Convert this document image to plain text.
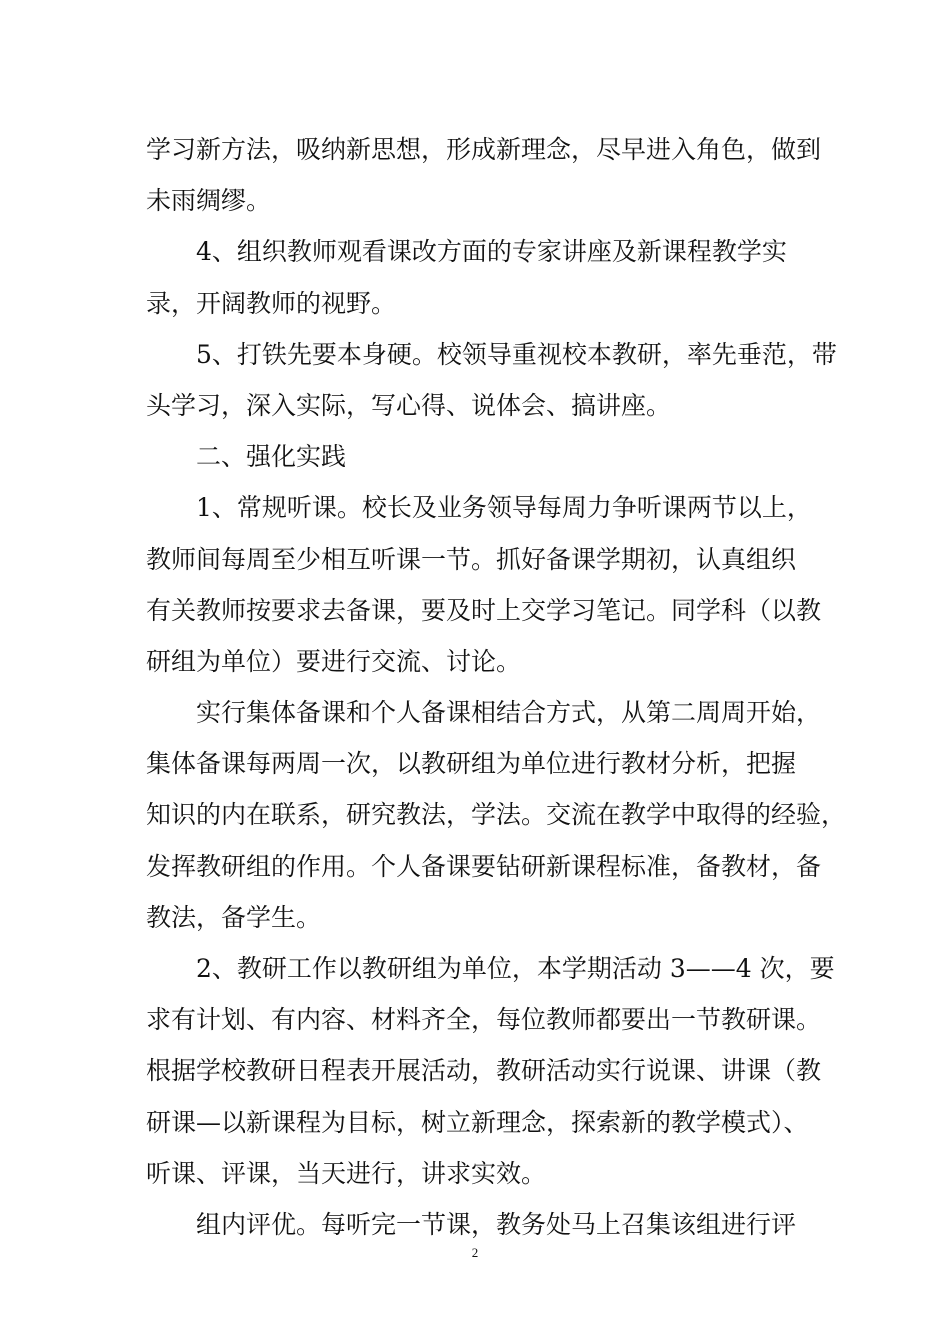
学习新方法，吸纳新思想，形成新理念，尽早进入角色，做到
未雨绸缪。
4、组织教师观看课改方面的专家讲座及新课程教学实
录，开阔教师的视野。
5、打铁先要本身硬。校领导重视校本教研，率先垂范，带
头学习，深入实际，写心得、说体会、搞讲座。
二、强化实践
1、常规听课。校长及业务领导每周力争听课两节以上，
教师间每周至少相互听课一节。抓好备课学期初，认真组织
有关教师按要求去备课，要及时上交学习笔记。同学科（以教
研组为单位）要进行交流、讨论。
实行集体备课和个人备课相结合方式，从第二周周开始，
集体备课每两周一次，以教研组为单位进行教材分析，把握
知识的内在联系，研究教法，学法。交流在教学中取得的经验，
发挥教研组的作用。个人备课要钻研新课程标准，备教材，备
教法，备学生。
2、教研工作以教研组为单位，本学期活动 3——4 次，要
求有计划、有内容、材料齐全，每位教师都要出一节教研课。
根据学校教研日程表开展活动，教研活动实行说课、讲课（教
研课—以新课程为目标，树立新理念，探索新的教学模式）、
听课、评课，当天进行，讲求实效。
组内评优。每听完一节课，教务处马上召集该组进行评
2
